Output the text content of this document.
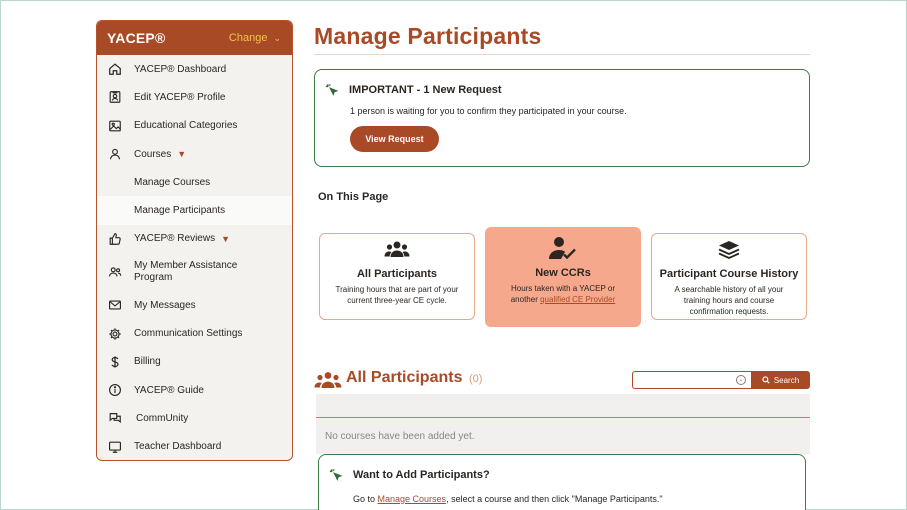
YACEP®	Change ⌄
YACEP® Dashboard
Edit YACEP® Profile
Educational Categories
Courses ▼
Manage Courses
Manage Participants
YACEP® Reviews ▼
My Member Assistance Program
My Messages
Communication Settings
Billing
YACEP® Guide
CommUnity
Teacher Dashboard
Manage Participants
IMPORTANT - 1 New Request

1 person is waiting for you to confirm they participated in your course.

View Request
On This Page
All Participants
Training hours that are part of your current three-year CE cycle.
New CCRs
Hours taken with a YACEP or another qualified CE Provider
Participant Course History
A searchable history of all your training hours and course confirmation requests.
All Participants (0)	⌄	Search
No courses have been added yet.
Want to Add Participants?

Go to Manage Courses, select a course and then click "Manage Participants."
